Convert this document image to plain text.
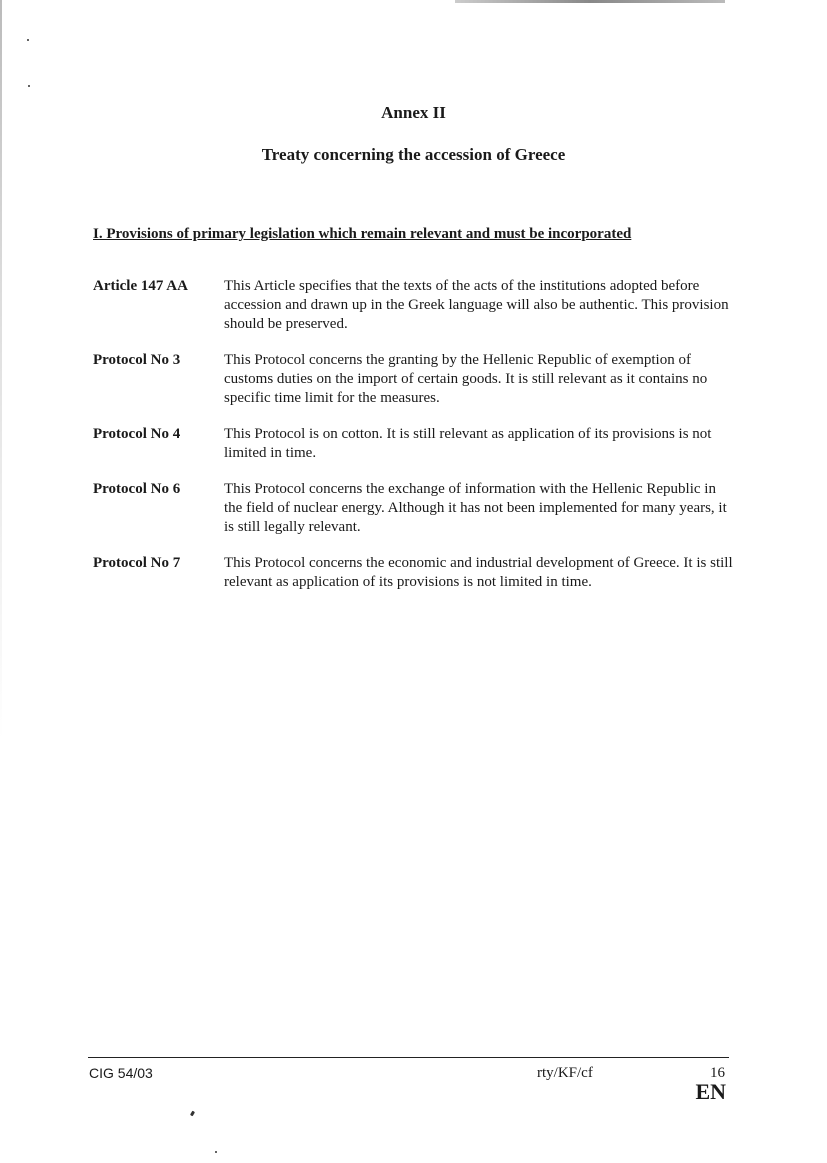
Annex II
Treaty concerning the accession of Greece
I. Provisions of primary legislation which remain relevant and must be incorporated
Article 147 AA	This Article specifies that the texts of the acts of the institutions adopted before accession and drawn up in the Greek language will also be authentic. This provision should be preserved.
Protocol No 3	This Protocol concerns the granting by the Hellenic Republic of exemption of customs duties on the import of certain goods. It is still relevant as it contains no specific time limit for the measures.
Protocol No 4	This Protocol is on cotton. It is still relevant as application of its provisions is not limited in time.
Protocol No 6	This Protocol concerns the exchange of information with the Hellenic Republic in the field of nuclear energy. Although it has not been implemented for many years, it is still legally relevant.
Protocol No 7	This Protocol concerns the economic and industrial development of Greece. It is still relevant as application of its provisions is not limited in time.
CIG 54/03	rty/KF/cf	16
EN
